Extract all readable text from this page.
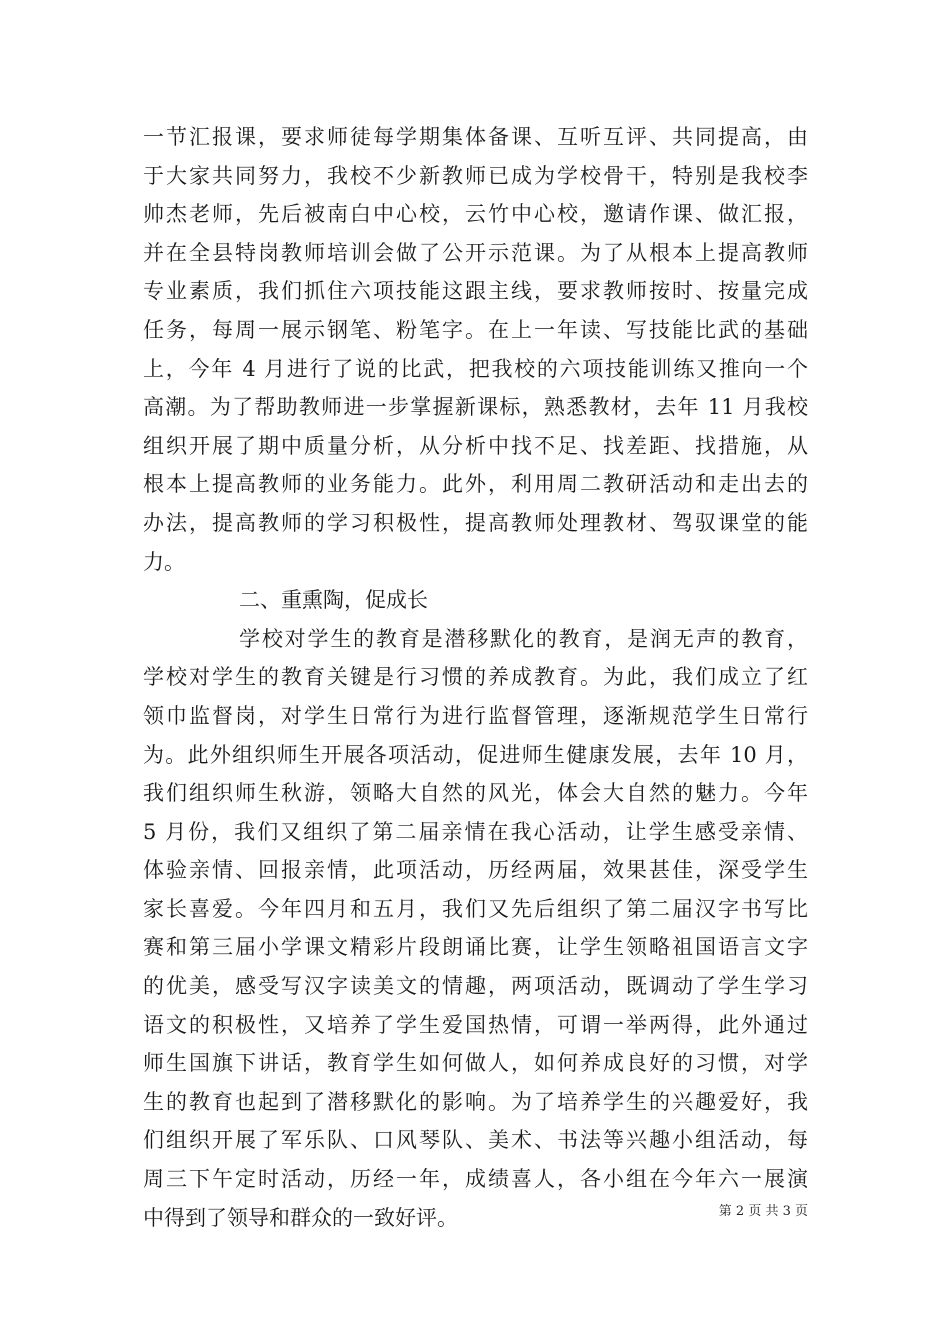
一节汇报课，要求师徒每学期集体备课、互听互评、共同提高，由
于大家共同努力，我校不少新教师已成为学校骨干，特别是我校李
帅杰老师，先后被南白中心校，云竹中心校，邀请作课、做汇报，
并在全县特岗教师培训会做了公开示范课。为了从根本上提高教师
专业素质，我们抓住六项技能这跟主线，要求教师按时、按量完成
任务，每周一展示钢笔、粉笔字。在上一年读、写技能比武的基础
上，今年 4 月进行了说的比武，把我校的六项技能训练又推向一个
高潮。为了帮助教师进一步掌握新课标，熟悉教材，去年 11 月我校
组织开展了期中质量分析，从分析中找不足、找差距、找措施，从
根本上提高教师的业务能力。此外，利用周二教研活动和走出去的
办法，提高教师的学习积极性，提高教师处理教材、驾驭课堂的能
力。
二、重熏陶，促成长
学校对学生的教育是潜移默化的教育，是润无声的教育，
学校对学生的教育关键是行习惯的养成教育。为此，我们成立了红
领巾监督岗，对学生日常行为进行监督管理，逐渐规范学生日常行
为。此外组织师生开展各项活动，促进师生健康发展，去年 10 月，
我们组织师生秋游，领略大自然的风光，体会大自然的魅力。今年
5 月份，我们又组织了第二届亲情在我心活动，让学生感受亲情、
体验亲情、回报亲情，此项活动，历经两届，效果甚佳，深受学生
家长喜爱。今年四月和五月，我们又先后组织了第二届汉字书写比
赛和第三届小学课文精彩片段朗诵比赛，让学生领略祖国语言文字
的优美，感受写汉字读美文的情趣，两项活动，既调动了学生学习
语文的积极性，又培养了学生爱国热情，可谓一举两得，此外通过
师生国旗下讲话，教育学生如何做人，如何养成良好的习惯，对学
生的教育也起到了潜移默化的影响。为了培养学生的兴趣爱好，我
们组织开展了军乐队、口风琴队、美术、书法等兴趣小组活动，每
周三下午定时活动，历经一年，成绩喜人，各小组在今年六一展演
中得到了领导和群众的一致好评。	第 2 页 共 3 页
